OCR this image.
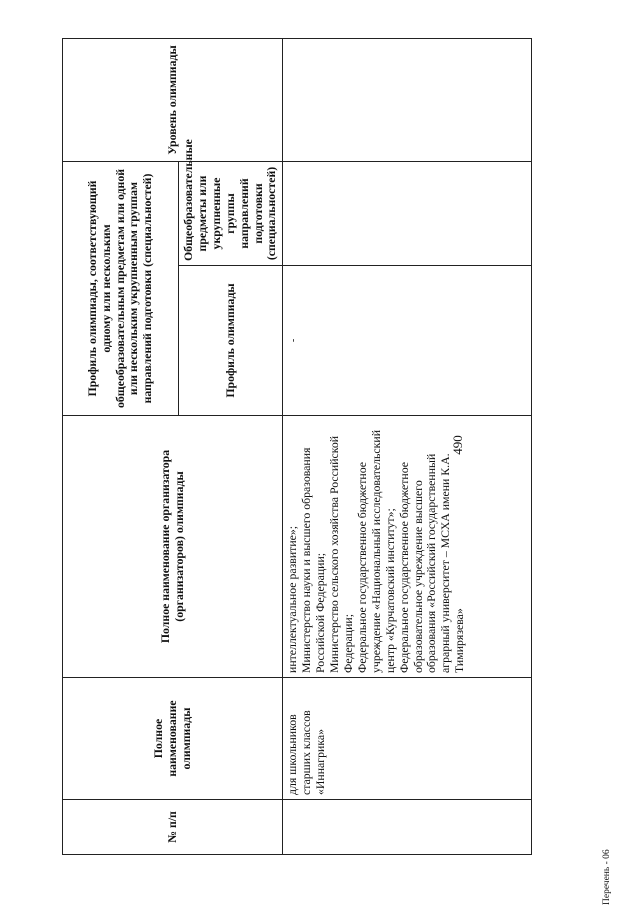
490
№ п/п	Полное наименование олимпиады	Полное наименование организатора (организаторов) олимпиады	Профиль олимпиады, соответствующий одному или нескольким общеобразовательным предметам или одной или нескольким укрупненным группам направлений подготовки (специальностей)		Уровень олимпиады
			Профиль олимпиады	Общеобразовательные предметы или укрупненные группы направлений подготовки (специальностей)	
	для школьников старших классов «Иннагрика»	интеллектуальное развитие»; Министерство науки и высшего образования Российской Федерации; Министерство сельского хозяйства Российской Федерации; Федеральное государственное бюджетное учреждение «Национальный исследовательский центр «Курчатовский институт»; Федеральное государственное бюджетное образовательное учреждение высшего образования «Российский государственный аграрный университет – МСХА имени К.А. Тимирязева»	-		
Перечень - 06
